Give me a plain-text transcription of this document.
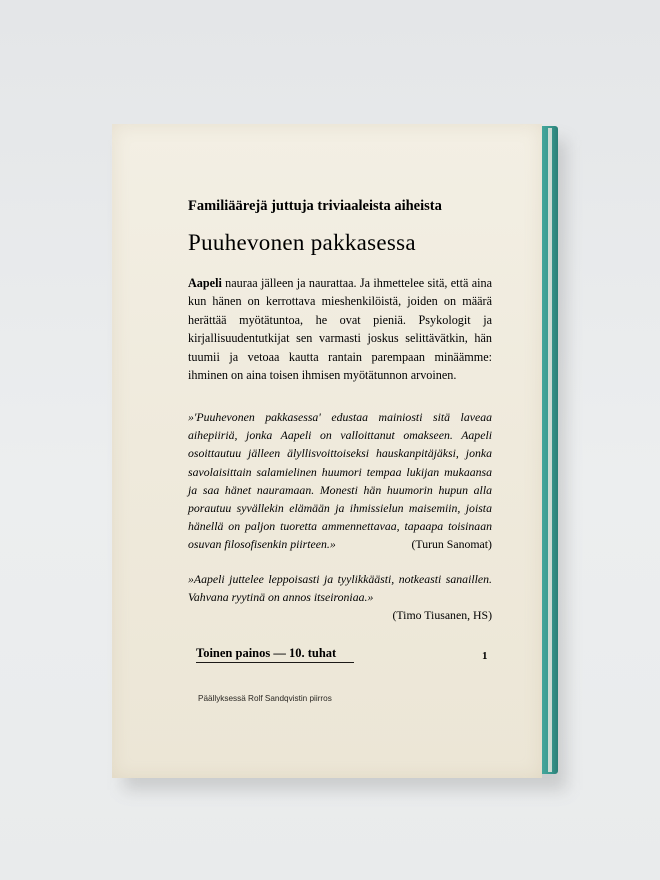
Familiäärejä juttuja triviaaleista aiheista
Puuhevonen pakkasessa
Aapeli nauraa jälleen ja naurattaa. Ja ihmettelee sitä, että aina kun hänen on kerrottava mieshenkilöistä, joiden on määrä herättää myötätuntoa, he ovat pieniä. Psykologit ja kirjallisuudentutkijat sen varmasti joskus selittävätkin, hän tuumii ja vetoaa kautta rantain parempaan minäämme: ihminen on aina toisen ihmisen myötätunnon arvoinen.
»'Puuhevonen pakkasessa' edustaa mainiosti sitä laveaa aihepiiriä, jonka Aapeli on valloittanut omakseen. Aapeli osoittautuu jälleen älyllisvoittoiseksi hauskanpitäjäksi, jonka savolaisittain salamielinen huumori tempaa lukijan mukaansa ja saa hänet nauramaan. Monesti hän huumorin hupun alla porautuu syvällekin elämään ja ihmissielun maisemiin, joista hänellä on paljon tuoretta ammennettavaa, tapaapa toisinaan osuvan filosofisenkin piirteen.»	(Turun Sanomat)
»Aapeli juttelee leppoisasti ja tyylikkäästi, notkeasti sanaillen. Vahvana ryytinä on annos itseironiaa.»
(Timo Tiusanen, HS)
Toinen painos — 10. tuhat	1
Päällyksessä Rolf Sandqvistin piirros
